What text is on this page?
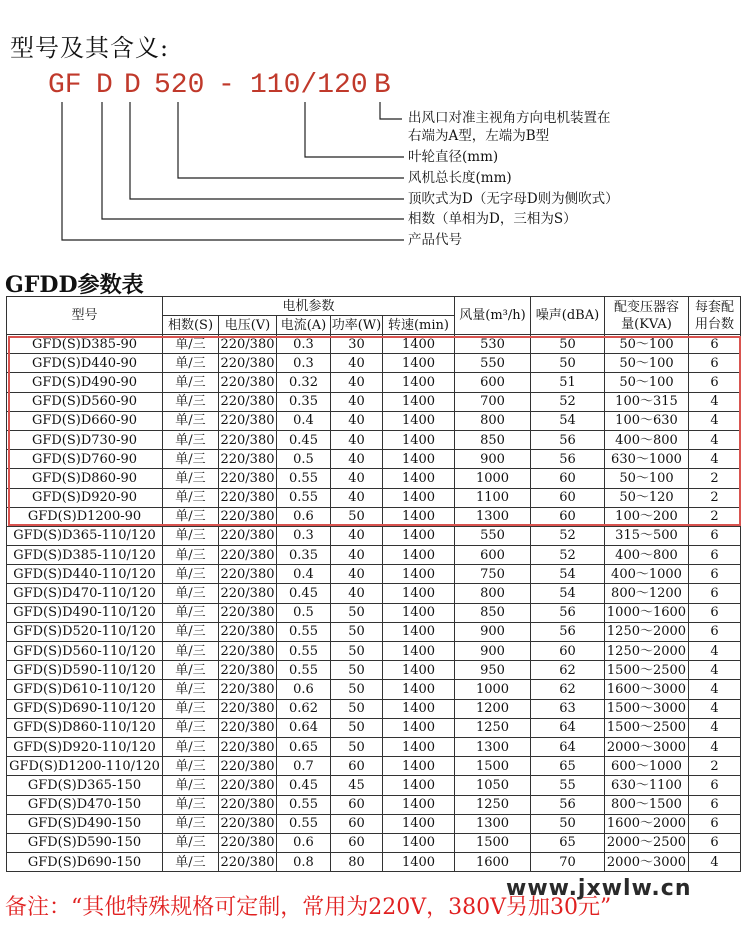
型号及其含义:
GF D D 520 - 110/120 B
出风口对准主视角方向电机装置在
右端为A型，左端为B型
叶轮直径(mm)
风机总长度(mm)
顶吹式为D（无字母D则为侧吹式）
相数（单相为D，三相为S）
产品代号
GFDD参数表
型号	电机参数					风量(m³/h)	噪声(dBA)	配变压器容量(KVA)	每套配用台数
	相数(S)	电压(V)	电流(A)	功率(W)	转速(min)				
GFD(S)D385-90	单/三	220/380	0.3	30	1400	530	50	50～100	6
GFD(S)D440-90	单/三	220/380	0.3	40	1400	550	50	50～100	6
GFD(S)D490-90	单/三	220/380	0.32	40	1400	600	51	50～100	6
GFD(S)D560-90	单/三	220/380	0.35	40	1400	700	52	100～315	4
GFD(S)D660-90	单/三	220/380	0.4	40	1400	800	54	100～630	4
GFD(S)D730-90	单/三	220/380	0.45	40	1400	850	56	400～800	4
GFD(S)D760-90	单/三	220/380	0.5	40	1400	900	56	630～1000	4
GFD(S)D860-90	单/三	220/380	0.55	40	1400	1000	60	50～100	2
GFD(S)D920-90	单/三	220/380	0.55	40	1400	1100	60	50～120	2
GFD(S)D1200-90	单/三	220/380	0.6	50	1400	1300	60	100～200	2
GFD(S)D365-110/120	单/三	220/380	0.3	40	1400	550	52	315～500	6
GFD(S)D385-110/120	单/三	220/380	0.35	40	1400	600	52	400～800	6
GFD(S)D440-110/120	单/三	220/380	0.4	40	1400	750	54	400～1000	6
GFD(S)D470-110/120	单/三	220/380	0.45	40	1400	800	54	800～1200	6
GFD(S)D490-110/120	单/三	220/380	0.5	50	1400	850	56	1000～1600	6
GFD(S)D520-110/120	单/三	220/380	0.55	50	1400	900	56	1250～2000	6
GFD(S)D560-110/120	单/三	220/380	0.55	50	1400	900	60	1250～2000	4
GFD(S)D590-110/120	单/三	220/380	0.55	50	1400	950	62	1500～2500	4
GFD(S)D610-110/120	单/三	220/380	0.6	50	1400	1000	62	1600～3000	4
GFD(S)D690-110/120	单/三	220/380	0.62	50	1400	1200	63	1500～3000	4
GFD(S)D860-110/120	单/三	220/380	0.64	50	1400	1250	64	1500～2500	4
GFD(S)D920-110/120	单/三	220/380	0.65	50	1400	1300	64	2000～3000	4
GFD(S)D1200-110/120	单/三	220/380	0.7	60	1400	1500	65	600～1000	2
GFD(S)D365-150	单/三	220/380	0.45	45	1400	1050	55	630～1100	6
GFD(S)D470-150	单/三	220/380	0.55	60	1400	1250	56	800～1500	6
GFD(S)D490-150	单/三	220/380	0.55	60	1400	1300	50	1600～2000	6
GFD(S)D590-150	单/三	220/380	0.6	60	1400	1500	65	2000～2500	6
GFD(S)D690-150	单/三	220/380	0.8	80	1400	1600	70	2000～3000	4
备注：“其他特殊规格可定制，常用为220V，380V另加30元”
www.jxwlw.cn
